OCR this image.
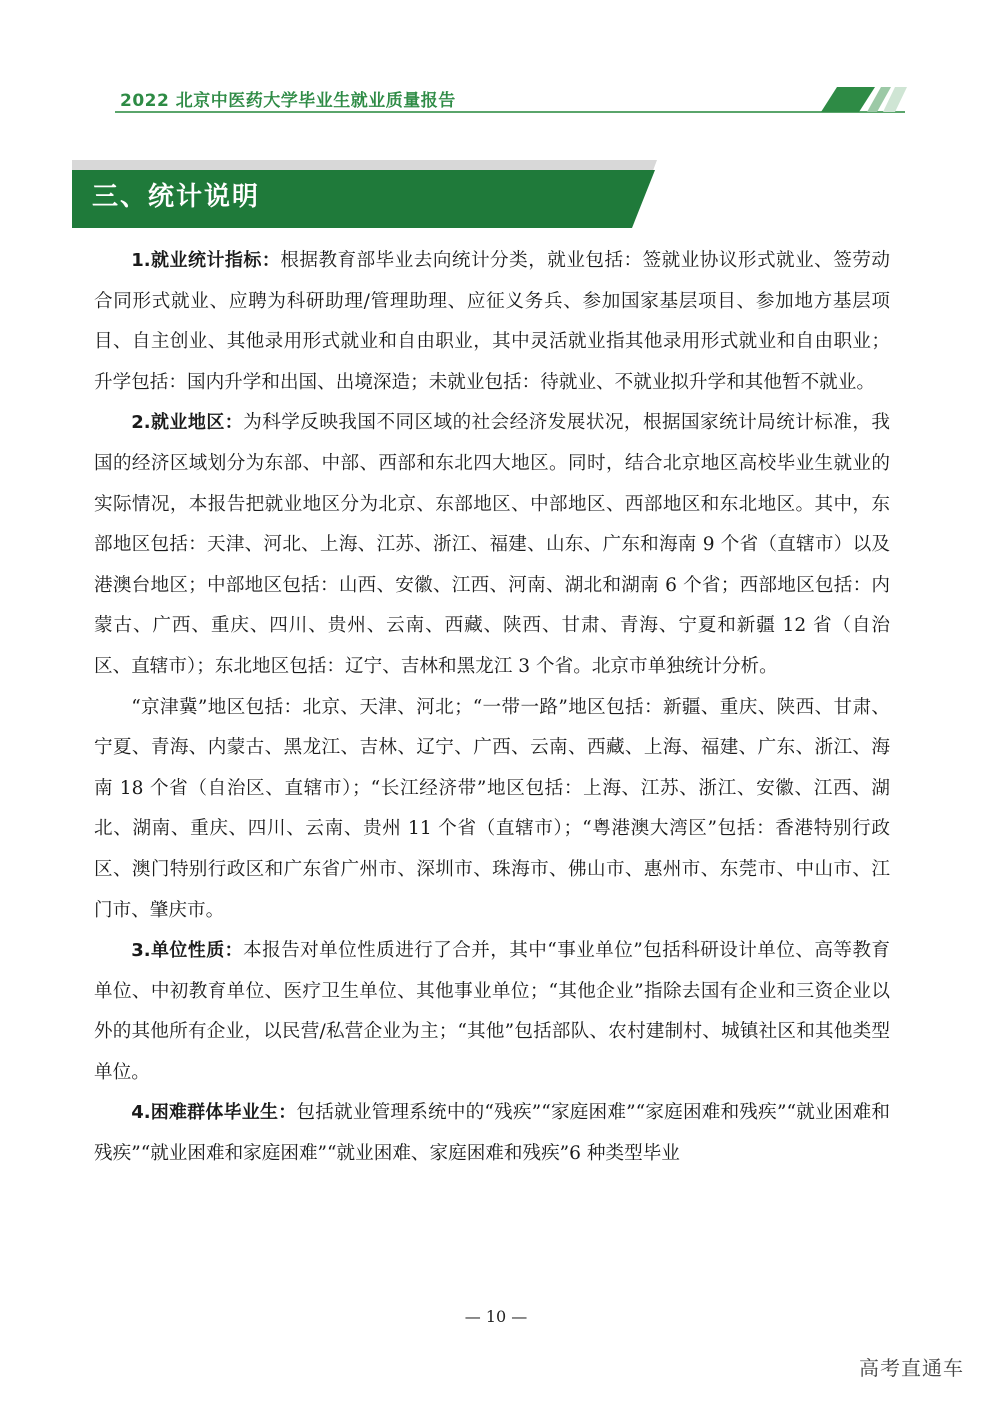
2022 北京中医药大学毕业生就业质量报告
三、统计说明

1.就业统计指标：根据教育部毕业去向统计分类，就业包括：签就业协议形式就业、签劳动合同形式就业、应聘为科研助理/管理助理、应征义务兵、参加国家基层项目、参加地方基层项目、自主创业、其他录用形式就业和自由职业，其中灵活就业指其他录用形式就业和自由职业；升学包括：国内升学和出国、出境深造；未就业包括：待就业、不就业拟升学和其他暂不就业。

2.就业地区：为科学反映我国不同区域的社会经济发展状况，根据国家统计局统计标准，我国的经济区域划分为东部、中部、西部和东北四大地区。同时，结合北京地区高校毕业生就业的实际情况，本报告把就业地区分为北京、东部地区、中部地区、西部地区和东北地区。其中，东部地区包括：天津、河北、上海、江苏、浙江、福建、山东、广东和海南 9 个省（直辖市）以及港澳台地区；中部地区包括：山西、安徽、江西、河南、湖北和湖南 6 个省；西部地区包括：内蒙古、广西、重庆、四川、贵州、云南、西藏、陕西、甘肃、青海、宁夏和新疆 12 省（自治区、直辖市）；东北地区包括：辽宁、吉林和黑龙江 3 个省。北京市单独统计分析。

“京津冀”地区包括：北京、天津、河北；“一带一路”地区包括：新疆、重庆、陕西、甘肃、宁夏、青海、内蒙古、黑龙江、吉林、辽宁、广西、云南、西藏、上海、福建、广东、浙江、海南 18 个省（自治区、直辖市）；“长江经济带”地区包括：上海、江苏、浙江、安徽、江西、湖北、湖南、重庆、四川、云南、贵州 11 个省（直辖市）；“粤港澳大湾区”包括：香港特别行政区、澳门特别行政区和广东省广州市、深圳市、珠海市、佛山市、惠州市、东莞市、中山市、江门市、肇庆市。

3.单位性质：本报告对单位性质进行了合并，其中“事业单位”包括科研设计单位、高等教育单位、中初教育单位、医疗卫生单位、其他事业单位；“其他企业”指除去国有企业和三资企业以外的其他所有企业，以民营/私营企业为主；“其他”包括部队、农村建制村、城镇社区和其他类型单位。

4.困难群体毕业生：包括就业管理系统中的“残疾”“家庭困难”“家庭困难和残疾”“就业困难和残疾”“就业困难和家庭困难”“就业困难、家庭困难和残疾”6 种类型毕业

— 10 —
高考直通车
